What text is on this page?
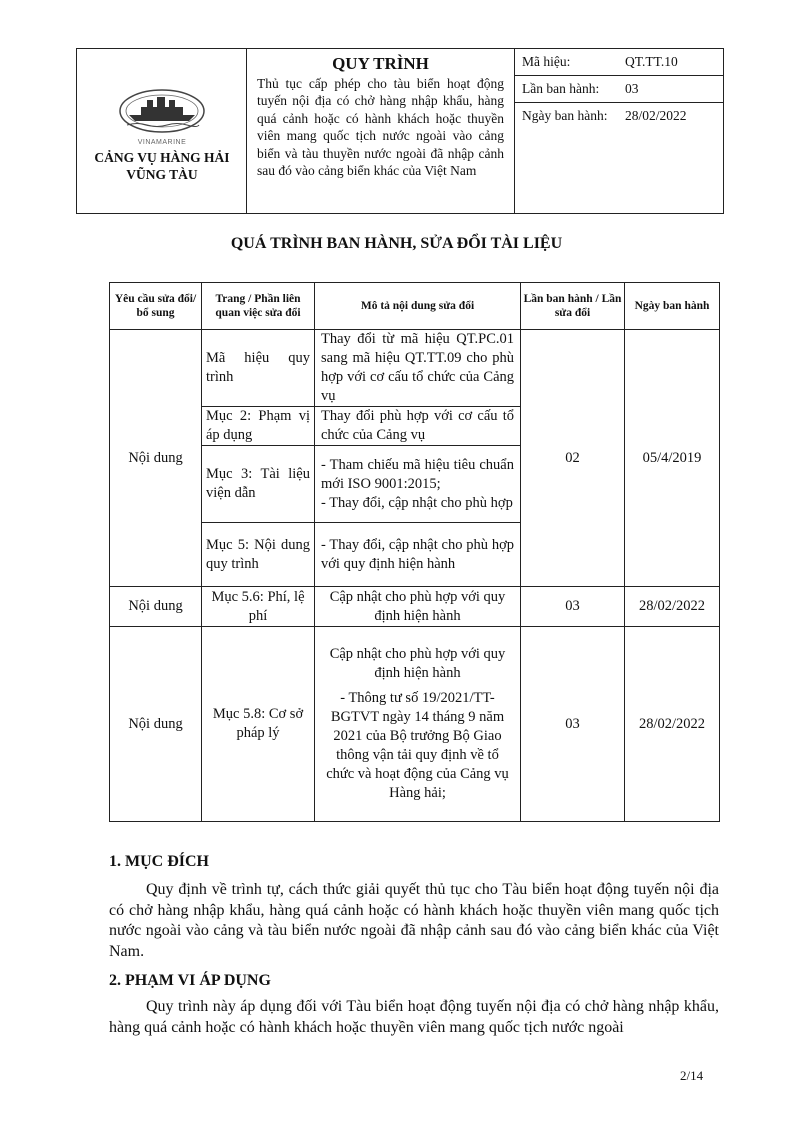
VINAMARINE
CẢNG VỤ HÀNG HẢI
VŨNG TÀU
QUY TRÌNH
Thủ tục cấp phép cho tàu biển hoạt động tuyến nội địa có chở hàng nhập khẩu, hàng quá cảnh hoặc có hành khách hoặc thuyền viên mang quốc tịch nước ngoài vào cảng biển và tàu thuyền nước ngoài đã nhập cảnh sau đó vào cảng biển khác của Việt Nam
Mã hiệu:	QT.TT.10
Lần ban hành: 03
Ngày ban hành: 28/02/2022
QUÁ TRÌNH BAN HÀNH, SỬA ĐỔI TÀI LIỆU
Yêu cầu sửa đổi/ bổ sung	Trang / Phần liên quan việc sửa đổi	Mô tả nội dung sửa đổi	Lần ban hành / Lần sửa đổi	Ngày ban hành
Nội dung	Mã hiệu quy trình	Thay đổi từ mã hiệu QT.PC.01 sang mã hiệu QT.TT.09 cho phù hợp với cơ cấu tổ chức của Cảng vụ	02	05/4/2019
	Mục 2: Phạm vị áp dụng	Thay đổi phù hợp với cơ cấu tổ chức của Cảng vụ		
	Mục 3: Tài liệu viện dẫn	- Tham chiếu mã hiệu tiêu chuẩn mới ISO 9001:2015;
- Thay đổi, cập nhật cho phù hợp		

	Mục 5: Nội dung quy trình	- Thay đổi, cập nhật cho phù hợp với quy định hiện hành		
Nội dung	Mục 5.6: Phí, lệ phí	Cập nhật cho phù hợp với quy định hiện hành	03	28/02/2022
Nội dung	Mục 5.8: Cơ sở pháp lý	Cập nhật cho phù hợp với quy định hiện hành
- Thông tư số 19/2021/TT-BGTVT ngày 14 tháng 9 năm 2021 của Bộ trưởng Bộ Giao thông vận tải quy định về tổ chức và hoạt động của Cảng vụ Hàng hải;	03	28/02/2022
1. MỤC ĐÍCH
Quy định về trình tự, cách thức giải quyết thủ tục cho Tàu biển hoạt động tuyến nội địa có chở hàng nhập khẩu, hàng quá cảnh hoặc có hành khách hoặc thuyền viên mang quốc tịch nước ngoài vào cảng và tàu biển nước ngoài đã nhập cảnh sau đó vào cảng biển khác của Việt Nam.
2. PHẠM VI ÁP DỤNG
Quy trình này áp dụng đối với Tàu biển hoạt động tuyến nội địa có chở hàng nhập khẩu, hàng quá cảnh hoặc có hành khách hoặc thuyền viên mang quốc tịch nước ngoài
2/14
